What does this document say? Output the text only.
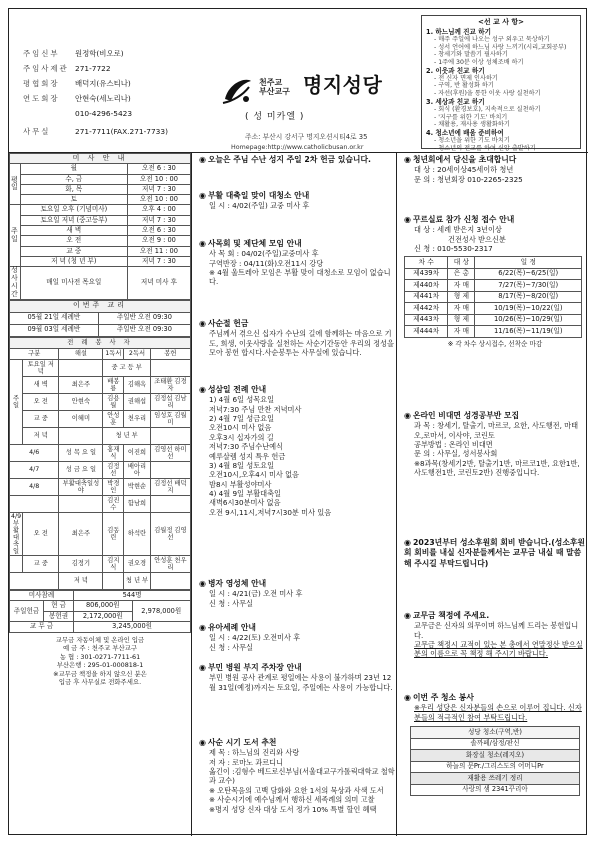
천주교
부산교구 명지성당
( 성 미카엘 )
주소: 부산시 강서구 명지오션시티4로 35
Homepage:http://www.catholicbusan.or.kr
<선 교 사 항>
1. 하느님께 진교 하기
- 매주 주일에 나오는 성구 외우고 묵상하기
- 성서 언어에 하느님 사랑 느끼기(시리,교회공부)
- 창세기와 말씀기 필사하기
- 1주에 30분 이상 성체조배 하기
2. 이웃과 친교 하기
- 전 신자 면제 인사하기
- 구역, 반 활성화 하기
- 자선(후원)을 통한 이웃 사랑 실천하기
3. 세상과 친교 하기
- 회식 (환경보호), 지속적으로 실천하기
- '지구를 위한 기도' 바치기
- 채활용, 재사용 생활화하기
4. 청소년에 배움 준비하여
- 청소년을 위한 기도 바치기
- 청소년의 전교를 하여 신앙 출발하기
주임신부 원정학(비오로)
주임사제관 271-7722
평협회장 배덕지(유스티나)
연도회장 안현숙(세노리나)
010-4296-5423
사무실	271-7711(FAX.271-7733)
미 사 안 내		
평일	월	오전 6 : 30
	수, 금	오전 10 : 00
	화, 목	저녁 7 : 30
	토	오전 10 : 00
주일	토요일 오후 (기념미사)	오후 4 : 00
	토요일 저녁 (중고등부)	저녁 7 : 30
	새 벽	오전 6 : 30
	오 전	오전 9 : 00
	교 중	오전 11 : 00
	저 녁 (청 년 부)	저녁 7 : 30
성사시간	매일 미사전 목요일	저녁 미사 후
이번주 교리	
05월 21일 세례반	주일반 오전 09:30
09월 03일 세례반	주일반 오전 09:30
전 례 봉 사 자					
구분		해설	1독서	2독서	봉헌
주 일	토요일 저 녁		중 고 등 부		
	새 벽	최은주	배봉룡	김해옥	조태환 김경자
	오 전	안현숙	김용월	권해섭	김정섭 김남리
	교 중	이혜미	안성훈	천우리	임성호 김월미
	저 녁		청 년 부		
4/6		성 목 요 일	홍재식	이진희	김영선 하미선
4/7		성 금 요 일	김정선	배아리아	
4/8		부활대축일성야	박경인	박현순	김정선 배덕지
			김진수	함남희	
4/9 부활대축일	오 전	최은주	김동린	하석란	김월정 김영선
	교 중	김정기	김지식	권오경	안성훈 천우리
		저 녁		청 년 부	
미사참례		544명	
주일헌금	현 금	806,000원	2,978,000원
	봉헌권	2,172,000원	
교 무 금		3,245,000원	
교무금 자동이체 및 온라인 입금
예 금 주 : 천주교 부산교구
농 협 : 301-0271-7711-61
부산은행 : 295-01-000818-1
※교무금 책정을 하지 않으신 분은
입금 후 사무실로 전화주세요.
◉ 오늘은 주님 수난 성지 주일 2차 헌금 있습니다.
◉ 부활 대축일 맞이 대청소 안내
일 시 : 4/02(주일) 교중 미사 후
◉ 사목회 및 제단체 모임 안내
사 목 회 : 04/02(주일)교중미사 후
구역반장 : 04/11(화)오전11시 강당
※ 4월 울트레아 모임은 부활 맞이 대청소로 모임이 없습니다.
◉ 사순절 헌금
주님께서 겪으신 십자가 수난의 길에 함께하는 마음으로 기도, 희생, 이웃사랑을 실천하는 사순기간동안 우리의 정성을 모아 봉헌 합시다.사순봉투는 사무실에 있습니다.
◉ 성삼일 전례 안내
1) 4월 6일 성목요일
저녁7:30 주님 만찬 저녁미사
2) 4월 7일 성금요일
오전10시 미사 없음
오후3시 십자가의 길
저녁7:30 주님수난예식
예루살렘 성지 특우 헌금
3) 4월 8일 성토요일
오전10시,오후4시 미사 없음
밤8시 부활성야미사
4) 4월 9일 부활대축일
새벽6시30분미사 없음
오전 9시,11시,저녁7시30분 미사 있음
◉ 병자 영성체 안내
일 시 : 4/21(금) 오전 미사 후
신 청 : 사무실
◉ 유아세례 안내
일 시 : 4/22(토) 오전미사 후
신 청 : 사무실
◉ 부민 병원 부지 주차장 안내
부민 병원 공사 관계로 평일에는 사용이 불가하며 23년 12월 31일(예정)까지는 토요일, 주일에는 사용이 가능합니다.
◉ 사순 시기 도서 추천
제 목 : 하느님의 진리와 사랑
저 자 : 로마노 과르디니
옮긴이 :김형수 베드로신부님(서울대교구가톨릭대학교 철학과 교수)
※ 오탄목음의 고백 담화와 요한 1서의 묵상과 사색 도서
※ 사순시기에 예수님께서 행하신 세족례의 의미 고찰
※명지 성당 신자 대상 도서 정가 10% 특별 할인 혜택
◉ 청년회에서 당신을 초대합니다
대 상 : 20세이상45세이하 청년
문 의 : 청년회장 010-2265-2325
◉ 꾸르실료 참가 신청 접수 안내
대 상 : 세례 받은지 3년이상
건전성사 받으신분
신 청 : 010-5530-2317
차 수	대 상	일 정
제439차	은 총	6/22(목)~6/25(일)
제440차	자 매	7/27(목)~7/30(일)
제441차	형 제	8/17(목)~8/20(일)
제442차	자 매	10/19(목)~10/22(일)
제443차	형 제	10/26(목)~10/29(일)
제444차	자 매	11/16(목)~11/19(일)
※ 각 차수 상시접수, 선착순 마감
◉ 온라인 비대면 성경공부반 모집
과 목 : 창세기, 탈출기, 마르코, 요한, 사도행전, 마태오,로마서, 이사야, 코린토
공부방법 : 온라인 비대면
문 의 : 사무실, 성서봉사회
※8과목(창세기2반, 탈출기1반, 마르코1반, 요한1반, 사도행전1반, 코린토2반) 진행중입니다.
◉ 2023년부터 성소후원회 회비 받습니다.(성소후원회 회비를 내실 신자분들께서는 교무금 내실 때 말씀해 주시길 부탁드립니다)
◉ 교무금 책정에 주세요.
교무금은 신자의 의무이며 하느님께 드리는 봉헌입니다.
교무금 책정시 교적이 있는 본 총에서 연말정산 받으실 분의 이름으로 꼭 책정 해 주시기 바랍니다.
◉ 이번 주 청소 봉사
※우리 성당은 신자분들의 손으로 이루어 집니다. 신자분들의 적극적인 참여 부탁드립니다.
성당 청소(구역,반)
솔까페/삼정/판신
화장실 청소(레지오)
하늘의 문Pr./그리스도의 어머니Pr
재활용 쓰레기 정리
사랑의 샘 2341꾸리아
